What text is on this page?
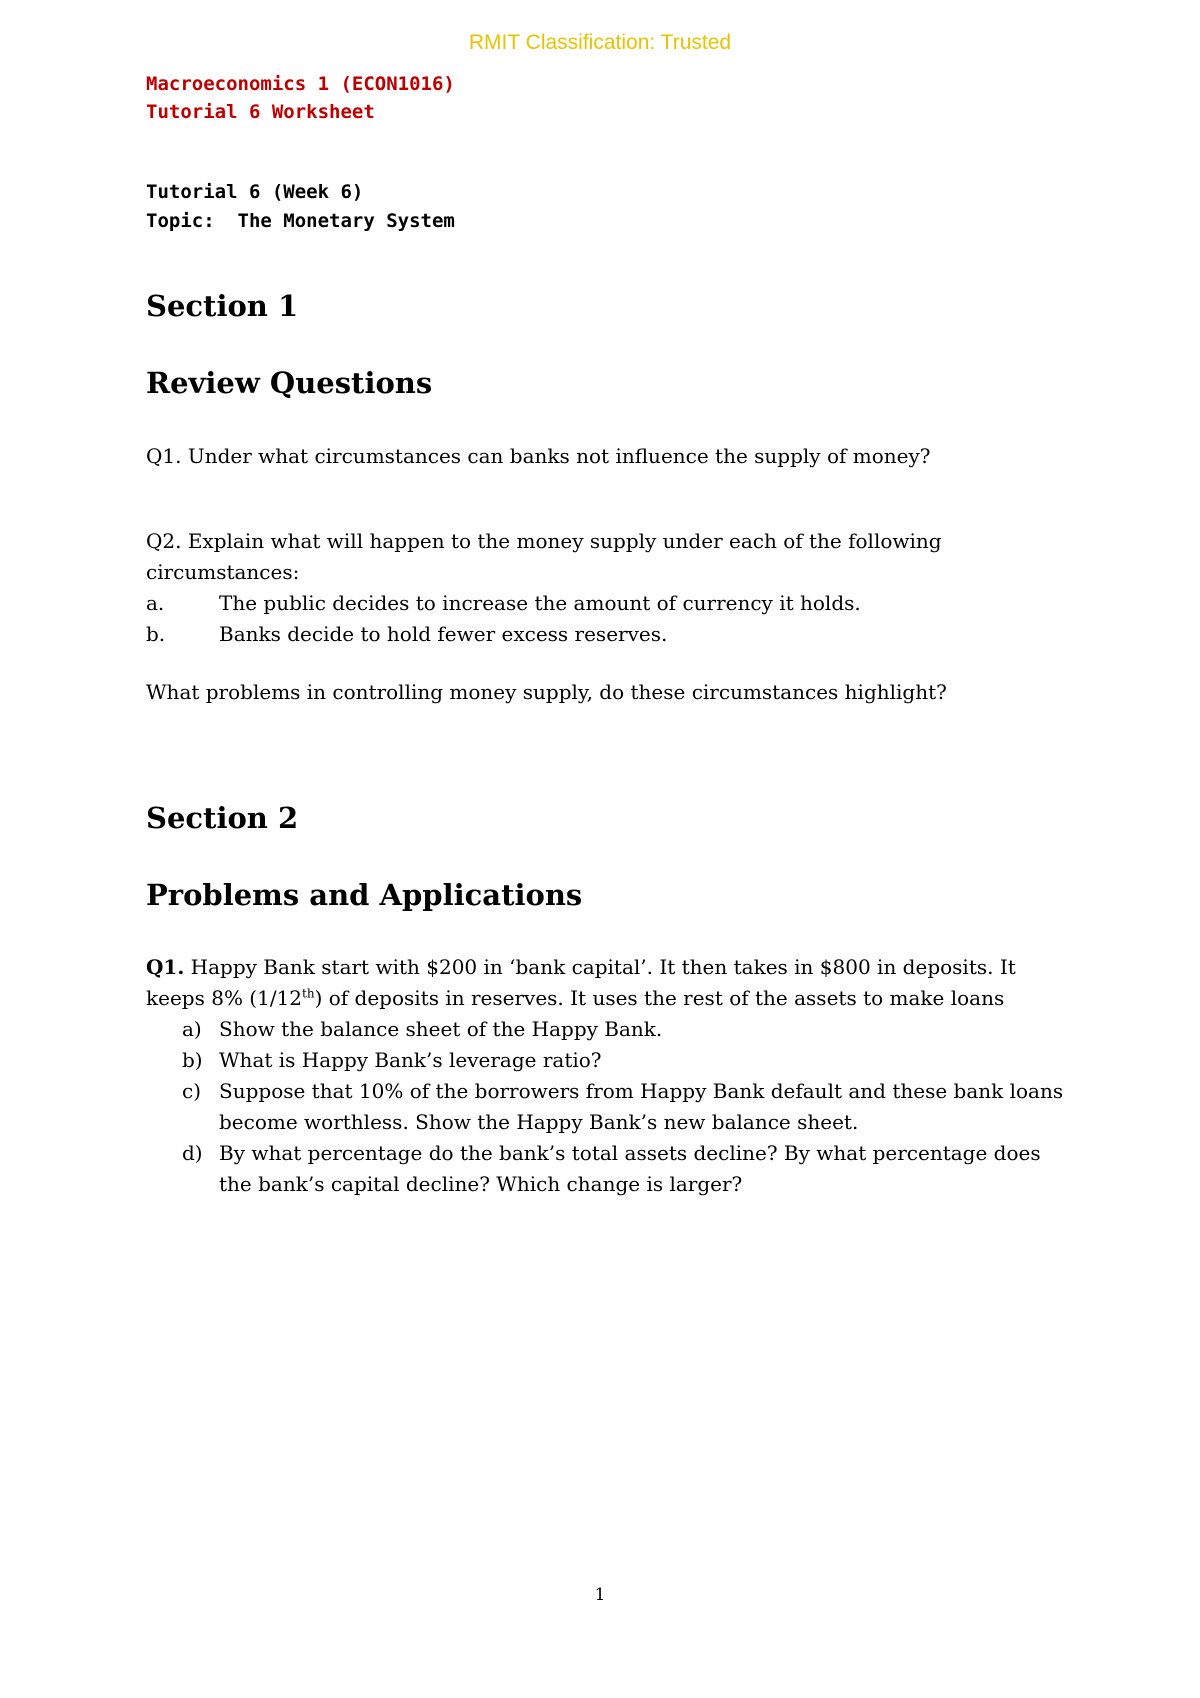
RMIT Classification: Trusted

Macroeconomics 1 (ECON1016)

Tutorial 6 Worksheet

Tutorial 6 (Week 6)

Topic:  The Monetary System

Section 1
Review Questions

Q1. Under what circumstances can banks not influence the supply of money?

Q2. Explain what will happen to the money supply under each of the following circumstances:

a.	The public decides to increase the amount of currency it holds.
b.	Banks decide to hold fewer excess reserves.

What problems in controlling money supply, do these circumstances highlight?

Section 2
Problems and Applications

Q1. Happy Bank start with $200 in ‘bank capital’. It then takes in $800 in deposits. It keeps 8% (1/12th) of deposits in reserves. It uses the rest of the assets to make loans

a) Show the balance sheet of the Happy Bank.
b) What is Happy Bank’s leverage ratio?
c) Suppose that 10% of the borrowers from Happy Bank default and these bank loans become worthless. Show the Happy Bank’s new balance sheet.
d) By what percentage do the bank’s total assets decline? By what percentage does the bank’s capital decline? Which change is larger?
1
